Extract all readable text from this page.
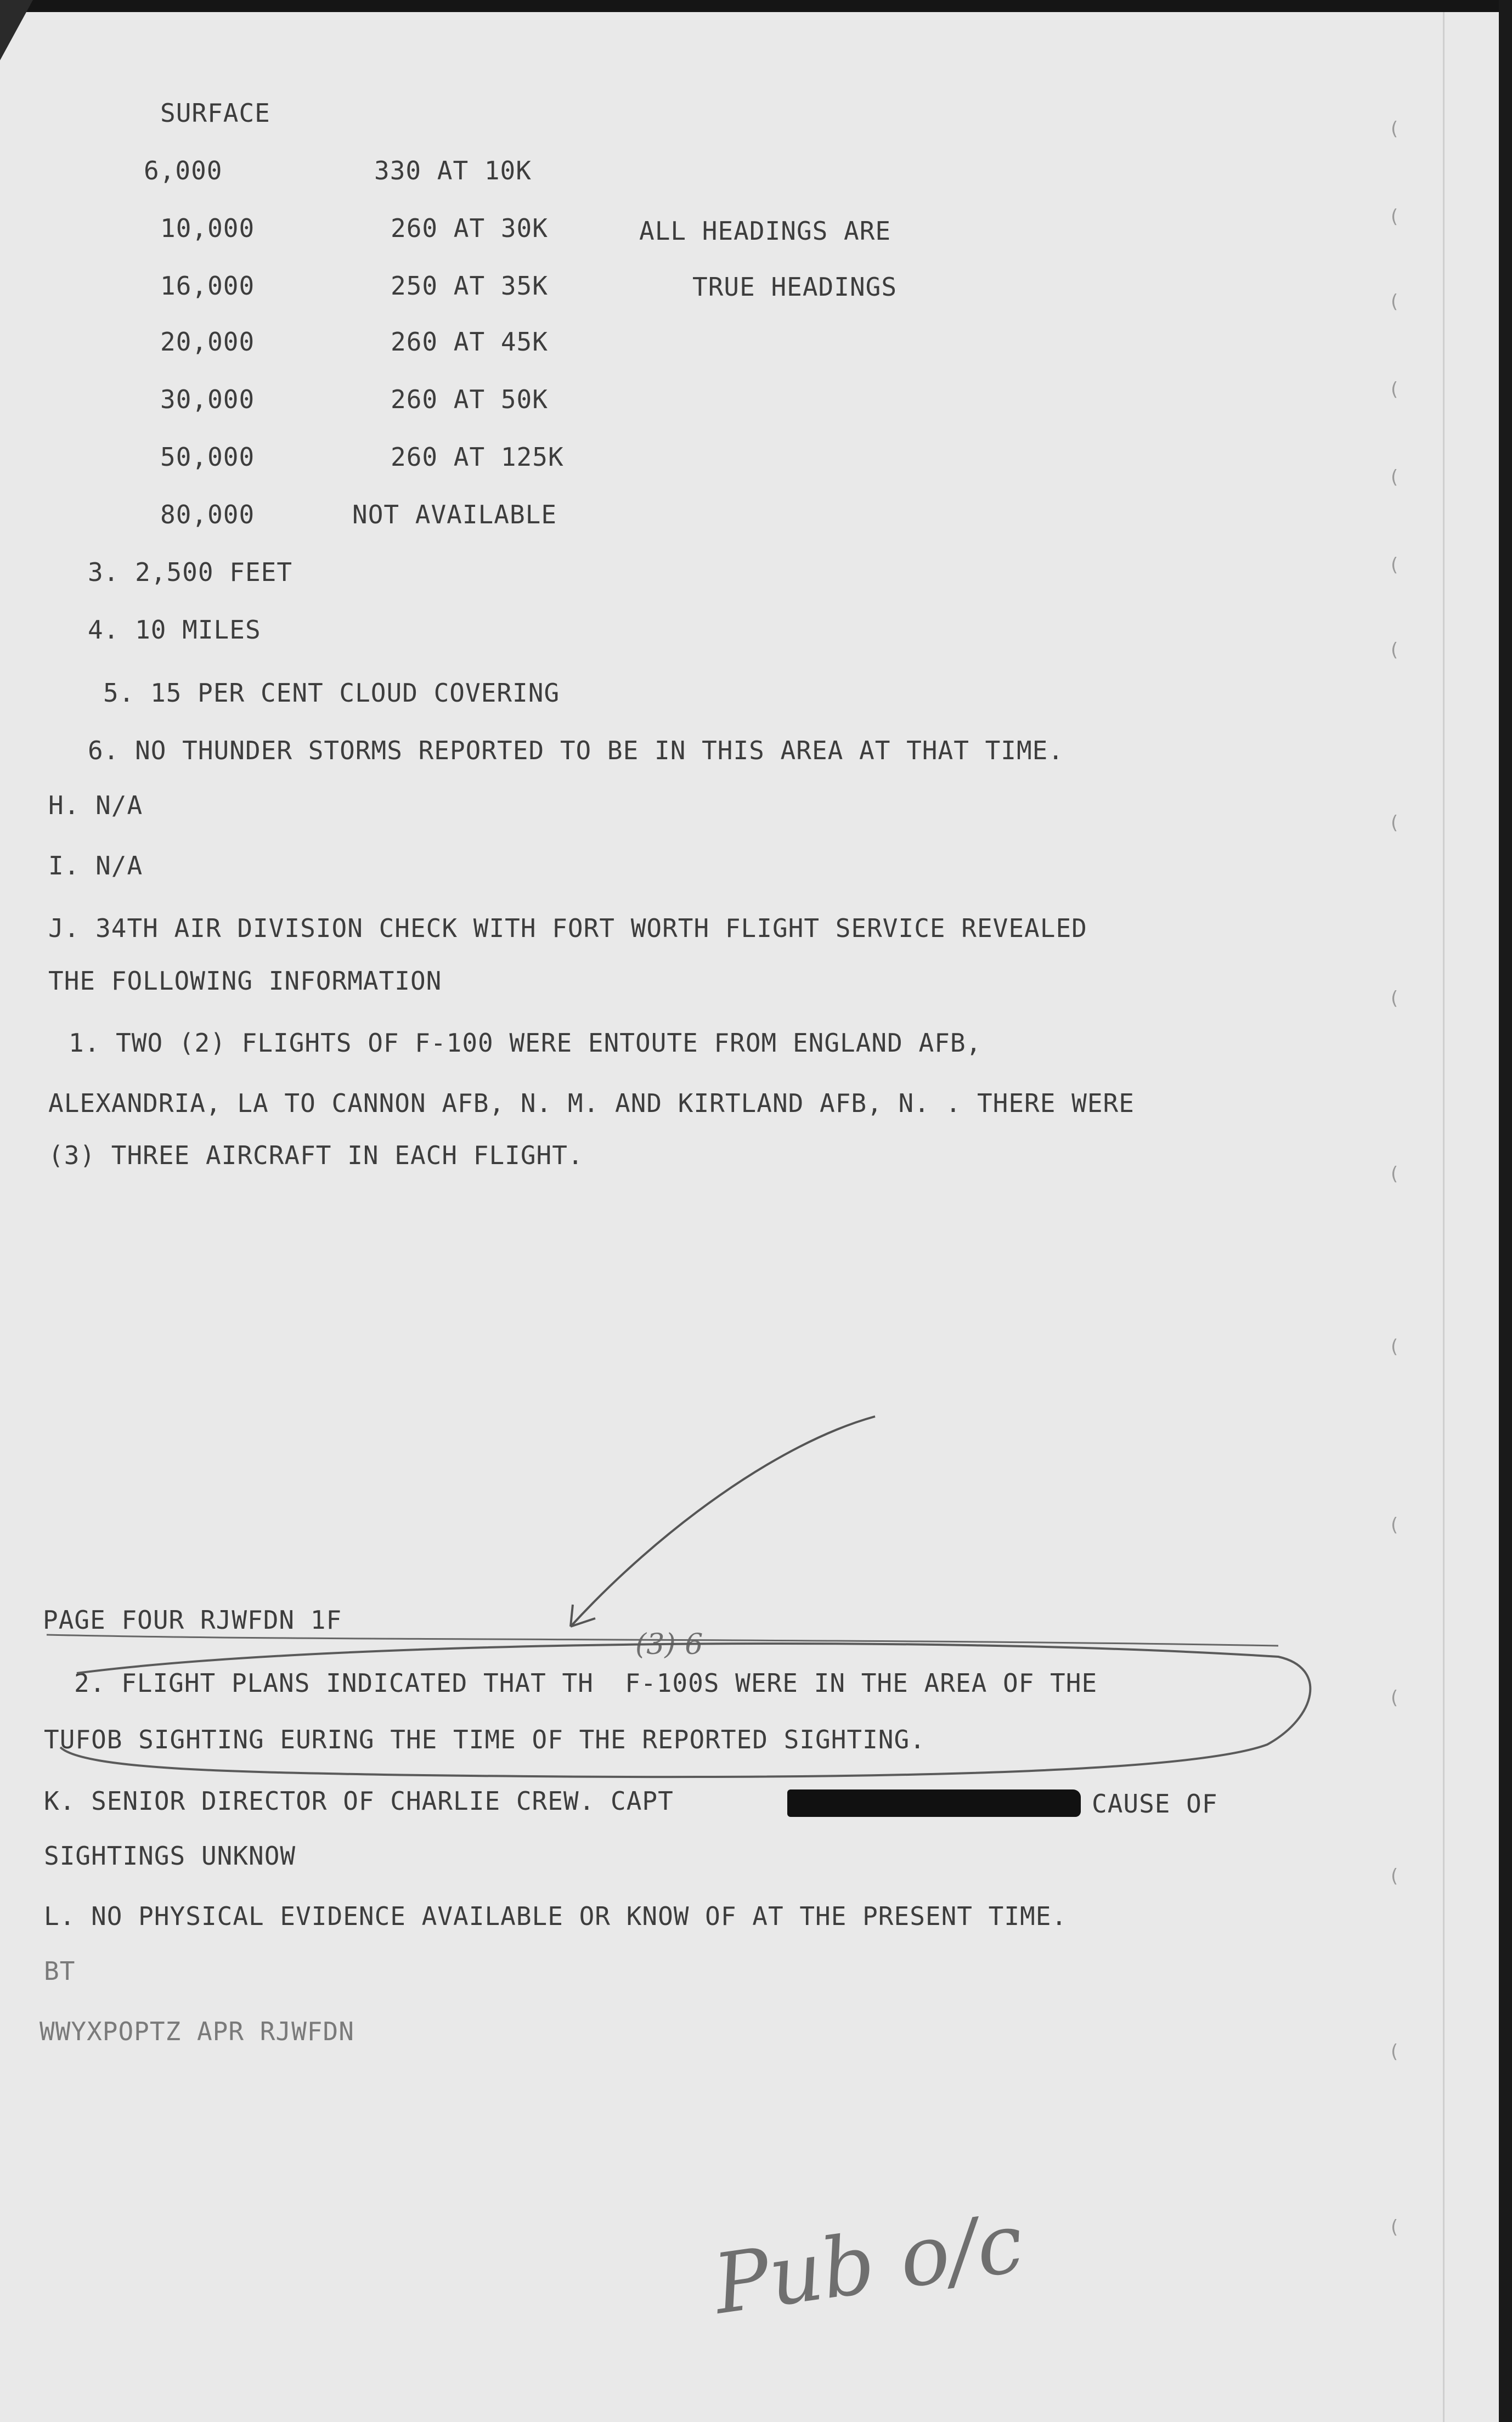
SURFACE
6,000	330 AT 10K
10,000	260 AT 30K	ALL HEADINGS ARE
16,000	250 AT 35K	TRUE HEADINGS
20,000	260 AT 45K
30,000	260 AT 50K
50,000	260 AT 125K
80,000	NOT AVAILABLE
3. 2,500 FEET
4. 10 MILES
5. 15 PER CENT CLOUD COVERING
6. NO THUNDER STORMS REPORTED TO BE IN THIS AREA AT THAT TIME.
H. N/A
I. N/A
J. 34TH AIR DIVISION CHECK WITH FORT WORTH FLIGHT SERVICE REVEALED
THE FOLLOWING INFORMATION
1. TWO (2) FLIGHTS OF F-100 WERE ENTOUTE FROM ENGLAND AFB,
ALEXANDRIA, LA TO CANNON AFB, N. M. AND KIRTLAND AFB, N. . THERE WERE
(3) THREE AIRCRAFT IN EACH FLIGHT.
PAGE FOUR RJWFDN 1F
2. FLIGHT PLANS INDICATED THAT TH  F-100S WERE IN THE AREA OF THE
TUFOB SIGHTING EURING THE TIME OF THE REPORTED SIGHTING.
(3) 6
K. SENIOR DIRECTOR OF CHARLIE CREW. CAPT	CAUSE OF
SIGHTINGS UNKNOW
L. NO PHYSICAL EVIDENCE AVAILABLE OR KNOW OF AT THE PRESENT TIME.
BT
WWYXPOPTZ APR RJWFDN
Pub o/c
(
(
(
(
(
(
(
(
(
(
(
(
(
(
(
(
